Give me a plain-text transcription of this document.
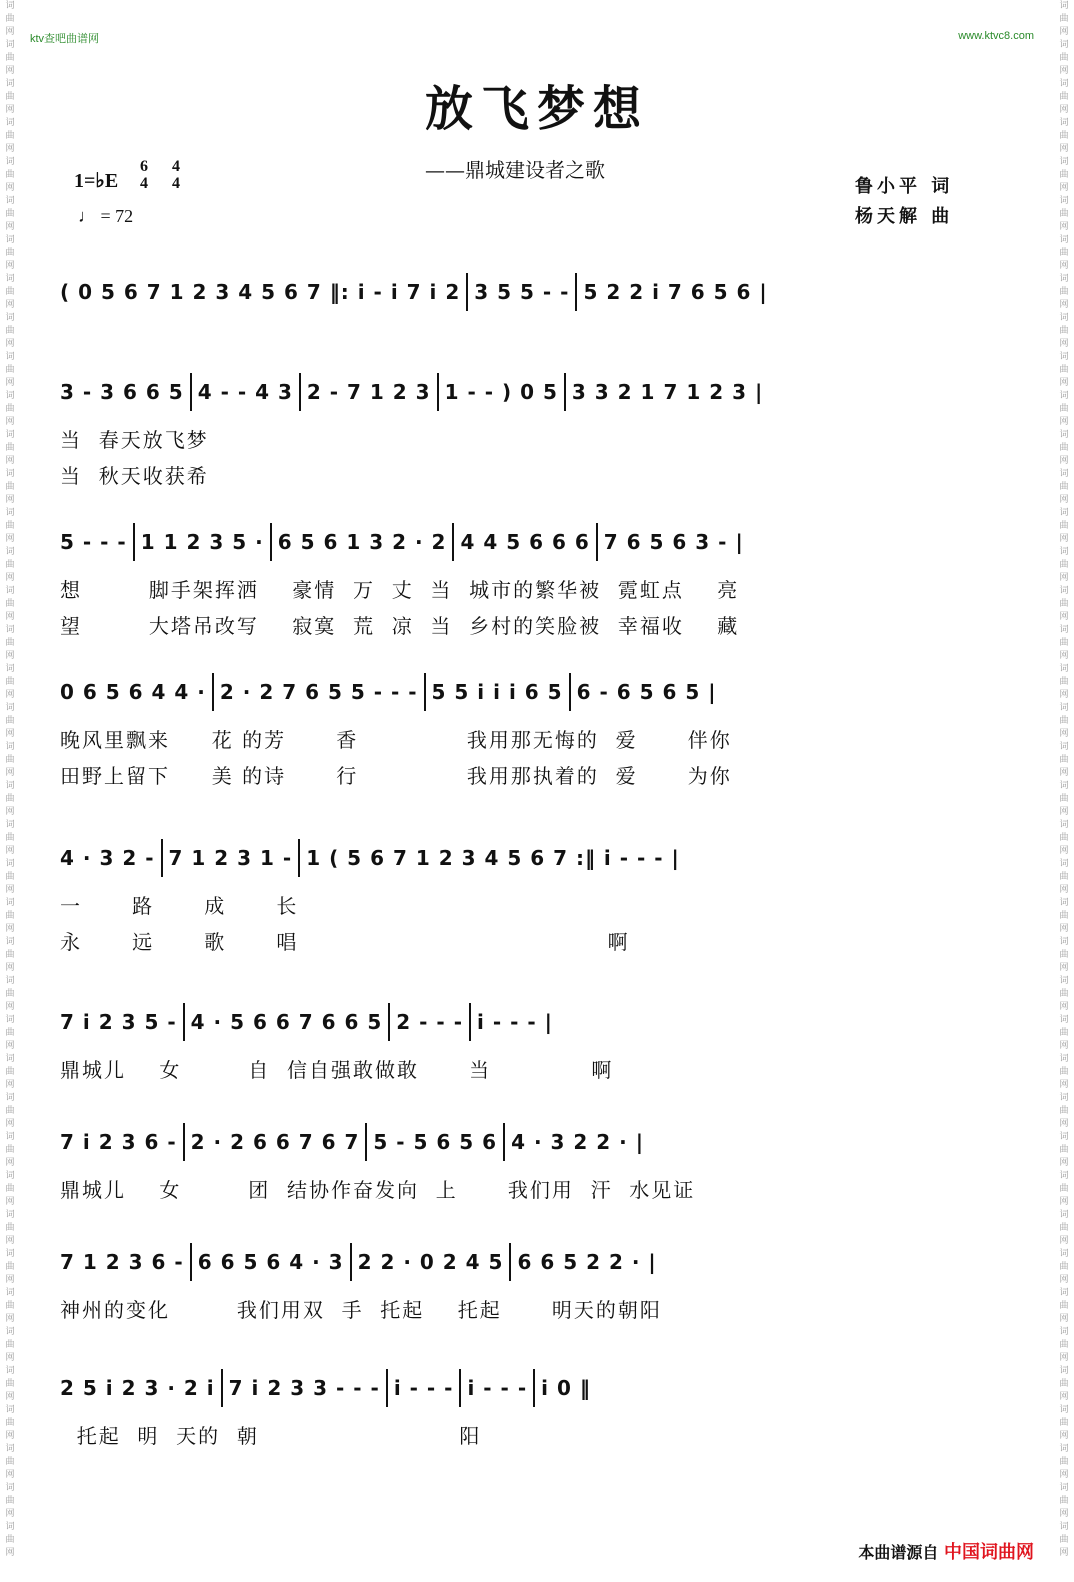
词曲网词曲网词曲网词曲网词曲网词曲网词曲网词曲网词曲网词曲网词曲网词曲网词曲网词曲网词曲网词曲网词曲网词曲网词曲网词曲网词曲网词曲网词曲网词曲网词曲网词曲网词曲网词曲网词曲网词曲网词曲网词曲网词曲网词曲网词曲网词曲网词曲网词曲网词曲网词曲网
词曲网词曲网词曲网词曲网词曲网词曲网词曲网词曲网词曲网词曲网词曲网词曲网词曲网词曲网词曲网词曲网词曲网词曲网词曲网词曲网词曲网词曲网词曲网词曲网词曲网词曲网词曲网词曲网词曲网词曲网词曲网词曲网词曲网词曲网词曲网词曲网词曲网词曲网词曲网词曲网
ktv查吧曲谱网	www.ktvc8.com
放飞梦想
——鼎城建设者之歌
1=♭E
6
4
4
4
♩ = 72
鲁小平 词
杨天解 曲
( 0 5 6 7 1 2 3 4 5 6 7 ‖: i - i 7 i 2 3 5 5 - - 5 2 2 i 7 6 5 6 |
3 - 3 6 6 5 4 - - 4 3 2 - 7 1 2 3 1 - - ) 0 5 3 3 2 1 7 1 2 3 |
当  春天放飞梦
当  秋天收获希
5 - - - 1 1 2 3 5 · 6 5 6 1 3 2 · 2 4 4 5 6 6 6 7 6 5 6 3 - |
想        脚手架挥洒    豪情  万  丈  当  城市的繁华被  霓虹点    亮
望        大塔吊改写    寂寞  荒  凉  当  乡村的笑脸被  幸福收    藏
0 6 5 6 4 4 · 2 · 2 7 6 5 5 - - - 5 5 i i i 6 5 6 - 6 5 6 5 |
晚风里飘来     花 的芳      香             我用那无悔的  爱      伴你
田野上留下     美 的诗      行             我用那执着的  爱      为你
4 · 3 2 - 7 1 2 3 1 - 1 ( 5 6 7 1 2 3 4 5 6 7 :‖ i - - - |
一      路      成      长
永      远      歌      唱                                     啊
7 i 2 3 5 - 4 · 5 6 6 7 6 6 5 2 - - - i - - - |
鼎城儿    女        自  信自强敢做敢      当            啊
7 i 2 3 6 - 2 · 2 6 6 7 6 7 5 - 5 6 5 6 4 · 3 2 2 · |
鼎城儿    女        团  结协作奋发向  上      我们用  汗  水见证
7 1 2 3 6 - 6 6 5 6 4 · 3 2 2 · 0 2 4 5 6 6 5 2 2 · |
神州的变化        我们用双  手  托起    托起      明天的朝阳
2 5 i 2 3 · 2 i 7 i 2 3 3 - - - i - - - i - - - i 0 ‖
托起  明  天的  朝                        阳
本曲谱源自 中国词曲网
